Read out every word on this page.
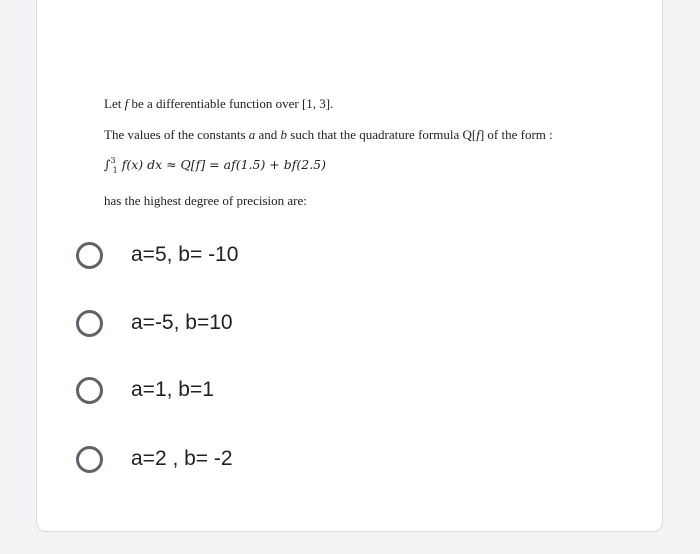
Let f be a differentiable function over [1, 3].
The values of the constants a and b such that the quadrature formula Q[f] of the form :
∫$^3_1$ f(x) dx ≈ Q[f] = af(1.5) + bf(2.5)
has the highest degree of precision are:
a=5, b= -10
a=-5, b=10
a=1, b=1
a=2 , b= -2
